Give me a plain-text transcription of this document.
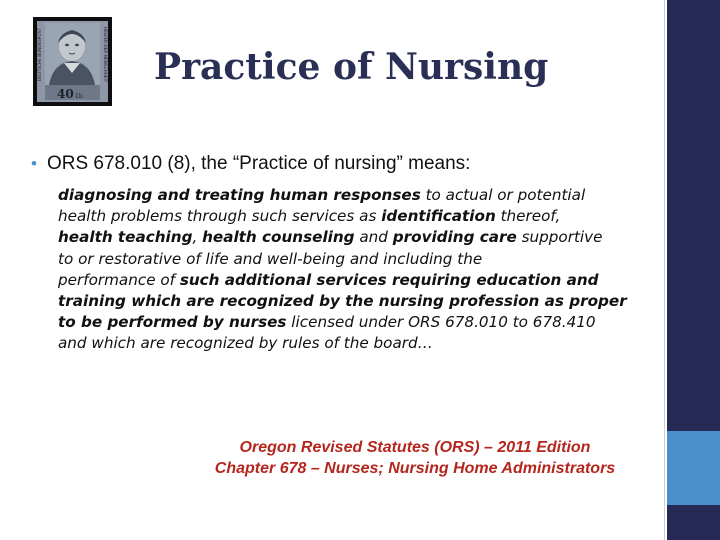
DEUTSCHE BUNDESPOST	HELFER DER MENSCHHEIT
40 1b
Practice of Nursing
• ORS 678.010 (8), the “Practice of nursing” means:
diagnosing and treating human responses to actual or potential
health problems through such services as identification thereof,
health teaching, health counseling and providing care supportive
to or restorative of life and well-being and including the
performance of such additional services requiring education and
training which are recognized by the nursing profession as proper
to be performed by nurses licensed under ORS 678.010 to 678.410
and which are recognized by rules of the board…
Oregon Revised Statutes (ORS) – 2011 Edition
Chapter 678 – Nurses; Nursing Home Administrators
